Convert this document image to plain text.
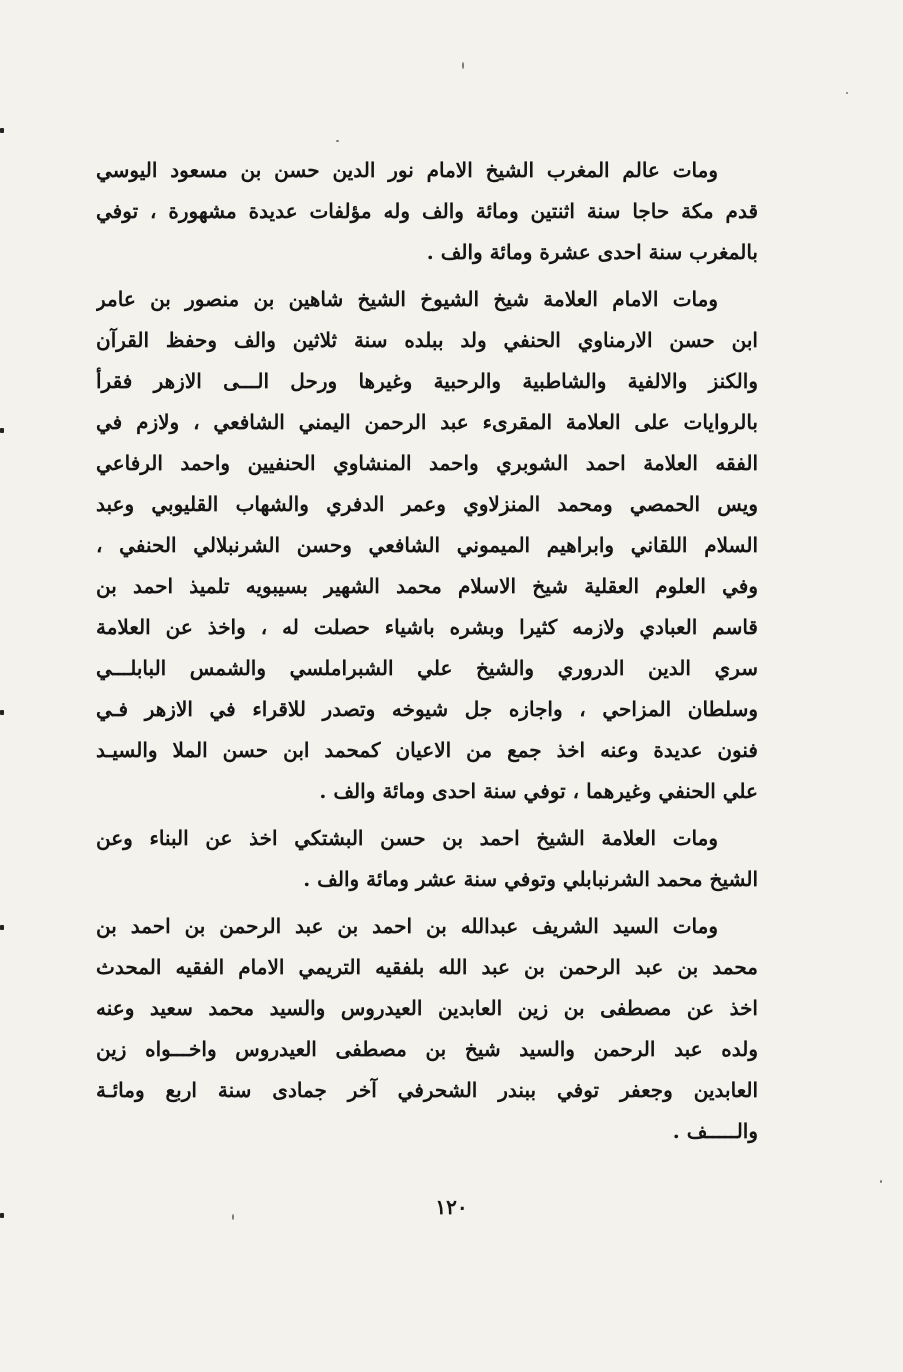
ومات عالم المغرب الشيخ الامام نور الدين حسن بن مسعود اليوسي
قدم مكة حاجا سنة اثنتين ومائة والف وله مؤلفات عديدة مشهورة ، توفي
بالمغرب سنة احدى عشرة ومائة والف .
ومات الامام العلامة شيخ الشيوخ الشيخ شاهين بن منصور بن عامر
ابن حسن الارمناوي الحنفي ولد ببلده سنة ثلاثين والف وحفظ القرآن
والكنز والالفية والشاطبية والرحبية وغيرها ورحل الـــى الازهر فقرأ
بالروايات على العلامة المقرىء عبد الرحمن اليمني الشافعي ، ولازم في
الفقه العلامة احمد الشوبري واحمد المنشاوي الحنفيين واحمد الرفاعي
ويس الحمصي ومحمد المنزلاوي وعمر الدفري والشهاب القليوبي وعبد
السلام اللقاني وابراهيم الميموني الشافعي وحسن الشرنبلالي الحنفي ،
وفي العلوم العقلية شيخ الاسلام محمد الشهير بسيبويه تلميذ احمد بن
قاسم العبادي ولازمه كثيرا وبشره باشياء حصلت له ، واخذ عن العلامة
سري الدين الدروري والشيخ علي الشبراملسي والشمس البابلـــي
وسلطان المزاحي ، واجازه جل شيوخه وتصدر للاقراء في الازهر فـي
فنون عديدة وعنه اخذ جمع من الاعيان كمحمد ابن حسن الملا والسيـد
علي الحنفي وغيرهما ، توفي سنة احدى ومائة والف .
ومات العلامة الشيخ احمد بن حسن البشتكي اخذ عن البناء وعن
الشيخ محمد الشرنبابلي وتوفي سنة عشر ومائة والف .
ومات السيد الشريف عبدالله بن احمد بن عبد الرحمن بن احمد بن
محمد بن عبد الرحمن بن عبد الله بلفقيه التريمي الامام الفقيه المحدث
اخذ عن مصطفى بن زين العابدين العيدروس والسيد محمد سعيد وعنه
ولده عبد الرحمن والسيد شيخ بن مصطفى العيدروس واخـــواه زين
العابدين وجعفر توفي ببندر الشحرفي آخر جمادى سنة اربع ومائـة
والـــــف .
١٢٠
